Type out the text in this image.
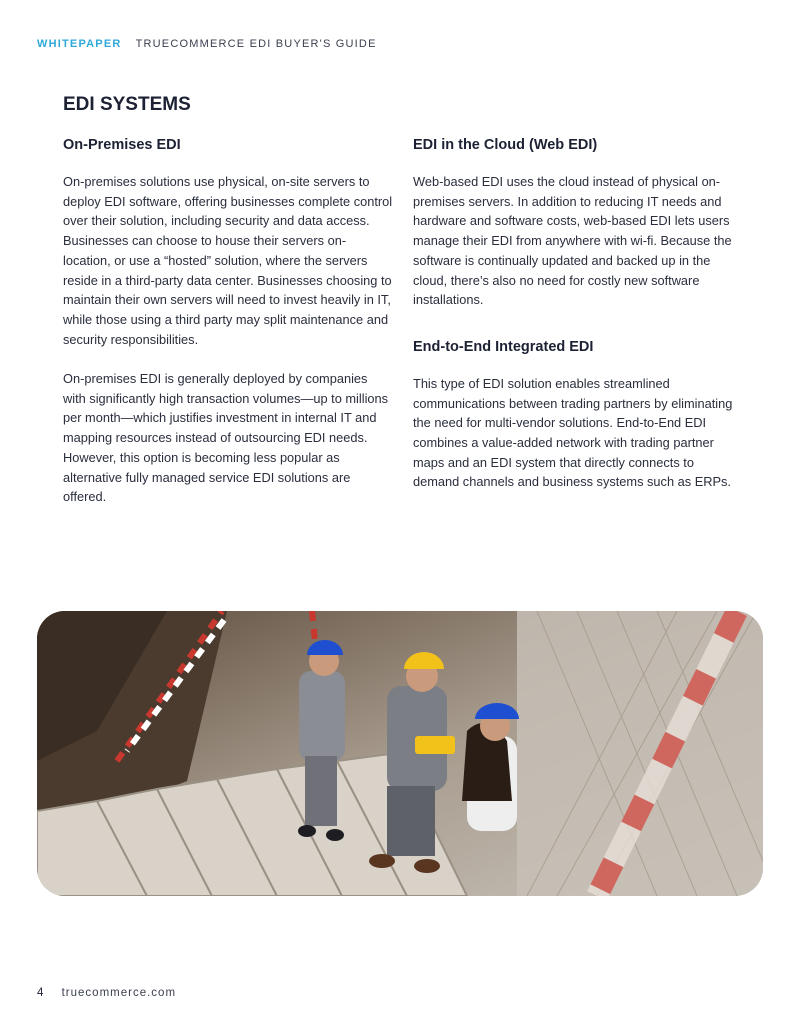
WHITEPAPER TRUECOMMERCE EDI BUYER'S GUIDE
EDI SYSTEMS
On-Premises EDI

On-premises solutions use physical, on-site servers to deploy EDI software, offering businesses complete control over their solution, including security and data access. Businesses can choose to house their servers on-location, or use a “hosted” solution, where the servers reside in a third-party data center. Businesses choosing to maintain their own servers will need to invest heavily in IT, while those using a third party may split maintenance and security responsibilities.

On-premises EDI is generally deployed by companies with significantly high transaction volumes—up to millions per month—which justifies investment in internal IT and mapping resources instead of outsourcing EDI needs. However, this option is becoming less popular as alternative fully managed service EDI solutions are offered.

EDI in the Cloud (Web EDI)

Web-based EDI uses the cloud instead of physical on-premises servers. In addition to reducing IT needs and hardware and software costs, web-based EDI lets users manage their EDI from anywhere with wi-fi. Because the software is continually updated and backed up in the cloud, there’s also no need for costly new software installations.

End-to-End Integrated EDI

This type of EDI solution enables streamlined communications between trading partners by eliminating the need for multi-vendor solutions. End-to-End EDI combines a value-added network with trading partner maps and an EDI system that directly connects to demand channels and business systems such as ERPs.

4 truecommerce.com
